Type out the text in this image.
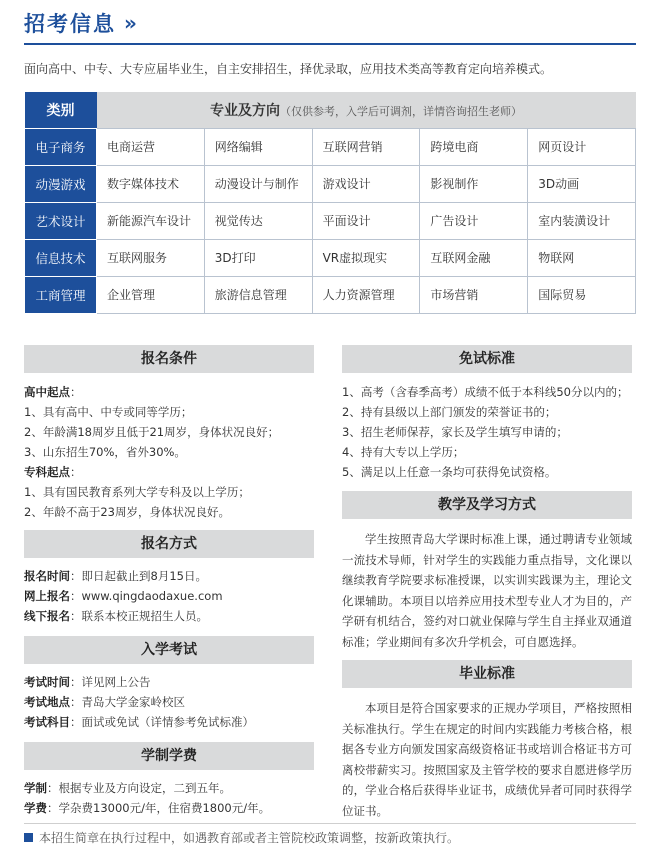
招考信息 »
面向高中、中专、大专应届毕业生，自主安排招生，择优录取，应用技术类高等教育定向培养模式。
类别	专业及方向（仅供参考，入学后可调剂，详情咨询招生老师）				
电子商务	电商运营	网络编辑	互联网营销	跨境电商	网页设计
动漫游戏	数字媒体技术	动漫设计与制作	游戏设计	影视制作	3D动画
艺术设计	新能源汽车设计	视觉传达	平面设计	广告设计	室内装潢设计
信息技术	互联网服务	3D打印	VR虚拟现实	互联网金融	物联网
工商管理	企业管理	旅游信息管理	人力资源管理	市场营销	国际贸易
报名条件
高中起点：
1、具有高中、中专或同等学历；
2、年龄满18周岁且低于21周岁，身体状况良好；
3、山东招生70%，省外30%。
专科起点：
1、具有国民教育系列大学专科及以上学历；
2、年龄不高于23周岁，身体状况良好。
报名方式
报名时间：即日起截止到8月15日。
网上报名：www.qingdaodaxue.com
线下报名：联系本校正规招生人员。
入学考试
考试时间：详见网上公告
考试地点：青岛大学金家岭校区
考试科目：面试或免试（详情参考免试标准）
学制学费
学制：根据专业及方向设定，二到五年。
学费：学杂费13000元/年，住宿费1800元/年。
免试标准
1、高考（含春季高考）成绩不低于本科线50分以内的；
2、持有县级以上部门颁发的荣誉证书的；
3、招生老师保荐，家长及学生填写申请的；
4、持有大专以上学历；
5、满足以上任意一条均可获得免试资格。
教学及学习方式
学生按照青岛大学课时标准上课，通过聘请专业领域一流技术导师，针对学生的实践能力重点指导，文化课以继续教育学院要求标准授课，以实训实践课为主，理论文化课辅助。本项目以培养应用技术型专业人才为目的，产学研有机结合，签约对口就业保障与学生自主择业双通道标准；学业期间有多次升学机会，可自愿选择。
毕业标准
本项目是符合国家要求的正规办学项目，严格按照相关标准执行。学生在规定的时间内实践能力考核合格，根据各专业方向颁发国家高级资格证书或培训合格证书方可离校带薪实习。按照国家及主管学校的要求自愿进修学历的，学业合格后获得毕业证书，成绩优异者可同时获得学位证书。
本招生简章在执行过程中，如遇教育部或者主管院校政策调整，按新政策执行。
